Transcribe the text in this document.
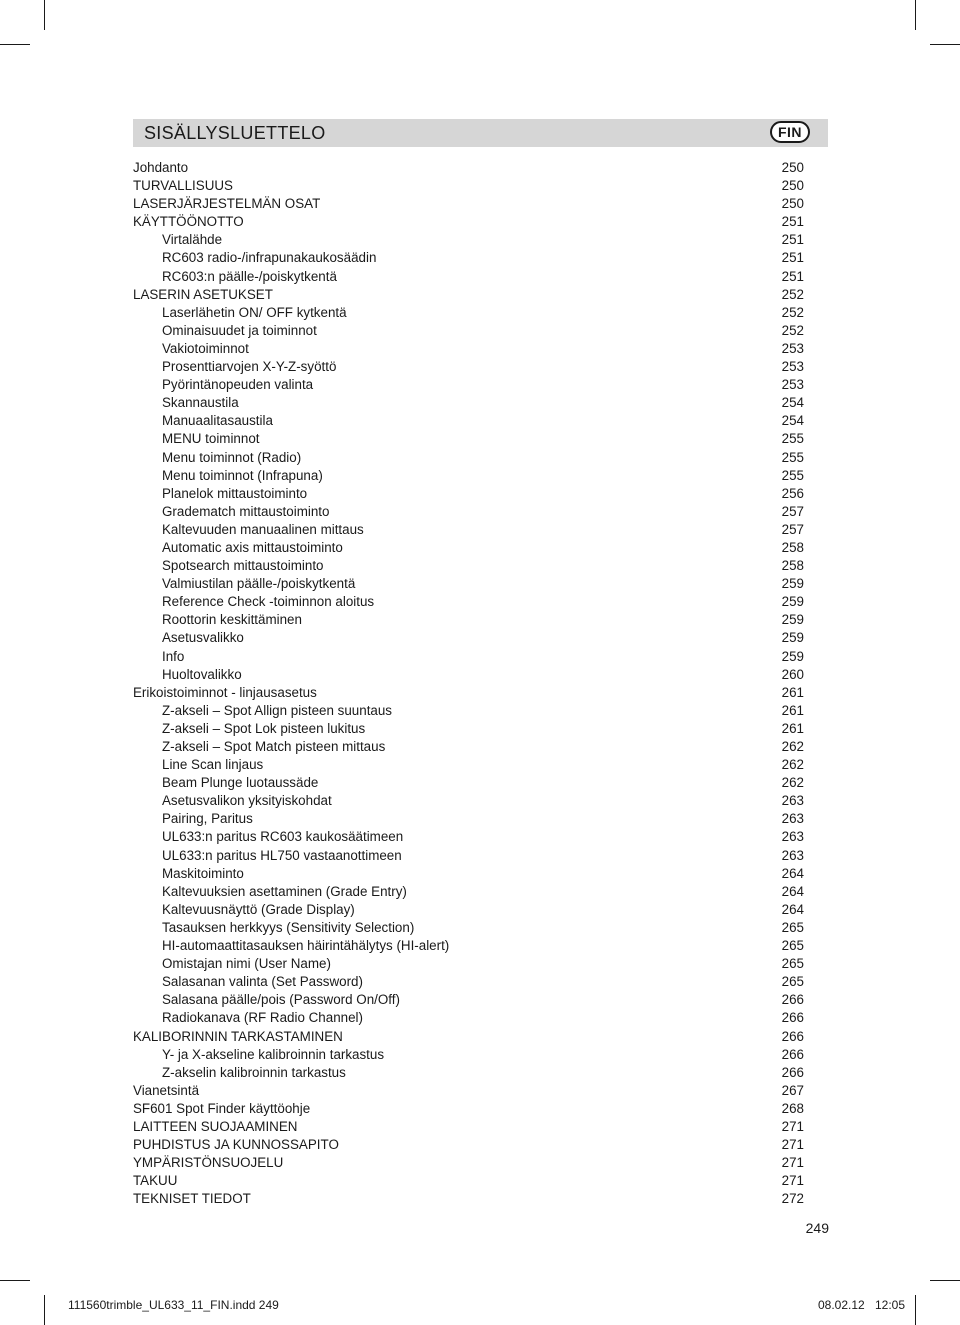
SISÄLLYSLUETTELO	FIN
Johdanto	250
TURVALLISUUS	250
LASERJÄRJESTELMÄN OSAT	250
KÄYTTÖÖNOTTO	251
Virtalähde	251
RC603 radio-/infrapunakaukosäädin	251
RC603:n päälle-/poiskytkentä	251
LASERIN ASETUKSET	252
Laserlähetin ON/ OFF kytkentä	252
Ominaisuudet ja toiminnot	252
Vakiotoiminnot	253
Prosenttiarvojen X-Y-Z-syöttö	253
Pyörintänopeuden valinta	253
Skannaustila	254
Manuaalitasaustila	254
MENU toiminnot	255
Menu toiminnot (Radio)	255
Menu toiminnot (Infrapuna)	255
Planelok mittaustoiminto	256
Gradematch mittaustoiminto	257
Kaltevuuden manuaalinen mittaus	257
Automatic axis mittaustoiminto	258
Spotsearch mittaustoiminto	258
Valmiustilan päälle-/poiskytkentä	259
Reference Check -toiminnon aloitus	259
Roottorin keskittäminen	259
Asetusvalikko	259
Info	259
Huoltovalikko	260
Erikoistoiminnot - linjausasetus	261
Z-akseli – Spot Allign pisteen suuntaus	261
Z-akseli – Spot Lok pisteen lukitus	261
Z-akseli – Spot Match pisteen mittaus	262
Line Scan linjaus	262
Beam Plunge luotaussäde	262
Asetusvalikon yksityiskohdat	263
Pairing, Paritus	263
UL633:n paritus RC603 kaukosäätimeen	263
UL633:n paritus HL750 vastaanottimeen	263
Maskitoiminto	264
Kaltevuuksien asettaminen (Grade Entry)	264
Kaltevuusnäyttö (Grade Display)	264
Tasauksen herkkyys (Sensitivity Selection)	265
HI-automaattitasauksen häirintähälytys (HI-alert)	265
Omistajan nimi (User Name)	265
Salasanan valinta (Set Password)	265
Salasana päälle/pois (Password On/Off)	266
Radiokanava (RF Radio Channel)	266
KALIBORINNIN TARKASTAMINEN	266
Y- ja X-akseline kalibroinnin tarkastus	266
Z-akselin kalibroinnin tarkastus	266
Vianetsintä	267
SF601 Spot Finder käyttöohje	268
LAITTEEN SUOJAAMINEN	271
PUHDISTUS JA KUNNOSSAPITO	271
YMPÄRISTÖNSUOJELU	271
TAKUU	271
TEKNISET TIEDOT	272
249
111560trimble_UL633_11_FIN.indd 249	08.02.12 12:05
